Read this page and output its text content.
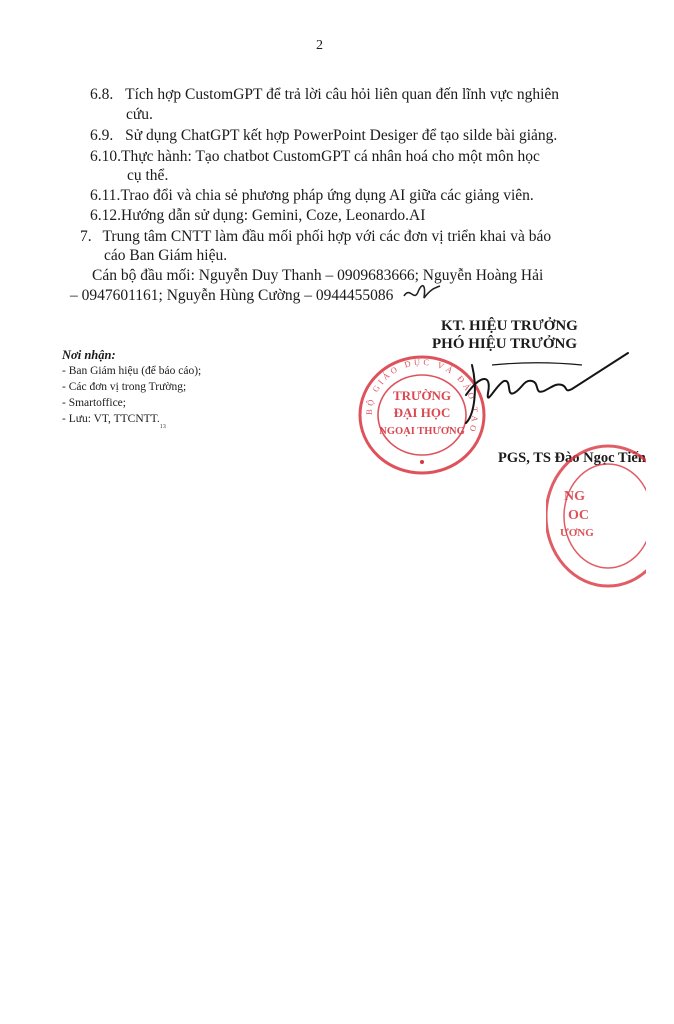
2
6.8. Tích hợp CustomGPT để trả lời câu hỏi liên quan đến lĩnh vực nghiên
cứu.
6.9. Sử dụng ChatGPT kết hợp PowerPoint Desiger để tạo silde bài giảng.
6.10.Thực hành: Tạo chatbot CustomGPT cá nhân hoá cho một môn học
cụ thể.
6.11.Trao đổi và chia sẻ phương pháp ứng dụng AI giữa các giảng viên.
6.12.Hướng dẫn sử dụng: Gemini, Coze, Leonardo.AI
7. Trung tâm CNTT làm đầu mối phối hợp với các đơn vị triển khai và báo
cáo Ban Giám hiệu.
Cán bộ đầu mối: Nguyễn Duy Thanh – 0909683666; Nguyễn Hoàng Hải
– 0947601161; Nguyễn Hùng Cường – 0944455086
Nơi nhận:
- Ban Giám hiệu (để báo cáo);
- Các đơn vị trong Trường;
- Smartoffice;
- Lưu: VT, $TTCNTT._{_{13}}$
KT. HIỆU TRƯỞNG
PHÓ HIỆU TRƯỞNG
BỘ GIÁO DỤC VÀ ĐÀO TẠO
TRƯỜNG
ĐẠI HỌC
NGOẠI THƯƠNG
PGS, TS Đào Ngọc Tiến
NG
OC
ƯƠNG
